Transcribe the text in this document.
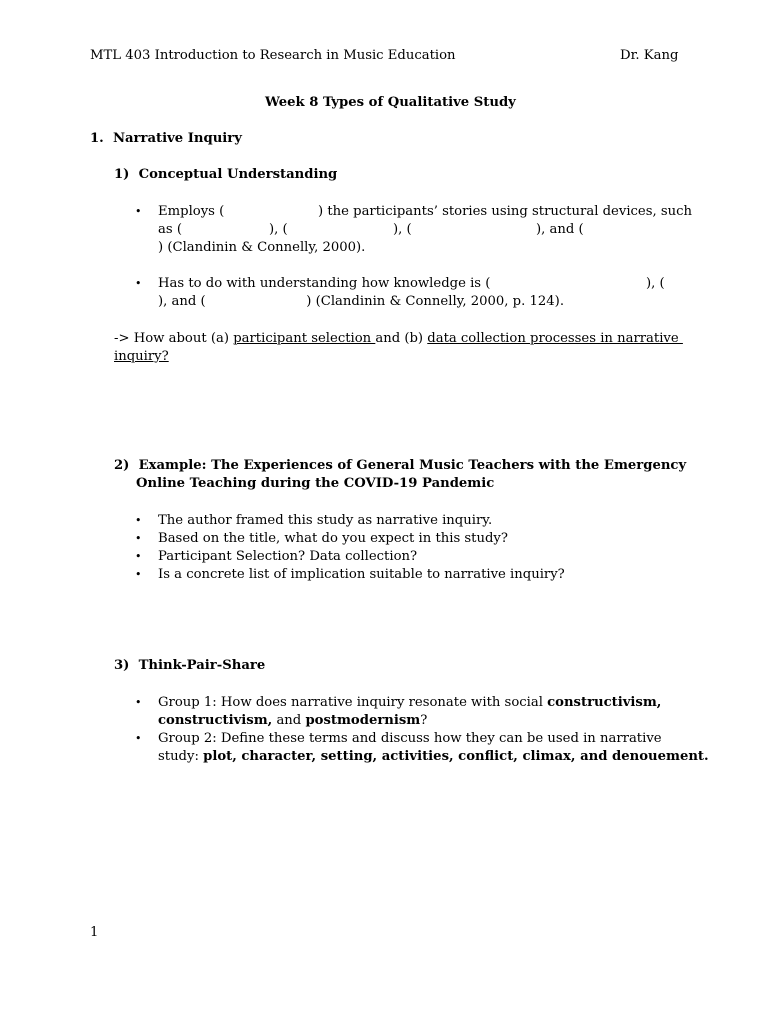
MTL 403 Introduction to Research in Music Education	Dr. Kang
Week 8 Types of Qualitative Study
1.  Narrative Inquiry
1)  Conceptual Understanding
• Employs (	) the participants’ stories using structural devices, such
as (	), (	), (	), and (
) (Clandinin & Connelly, 2000).
• Has to do with understanding how knowledge is (	), (
), and (                        ) (Clandinin & Connelly, 2000, p. 124).
-> How about (a) participant selection and (b) data collection processes in narrative
inquiry?
2)  Example: The Experiences of General Music Teachers with the Emergency
Online Teaching during the COVID-19 Pandemic
• The author framed this study as narrative inquiry.
• Based on the title, what do you expect in this study?
• Participant Selection? Data collection?
• Is a concrete list of implication suitable to narrative inquiry?
3)  Think-Pair-Share
• Group 1: How does narrative inquiry resonate with social constructivism,
constructivism, and postmodernism?
• Group 2: Define these terms and discuss how they can be used in narrative
study: plot, character, setting, activities, conflict, climax, and denouement.
1
